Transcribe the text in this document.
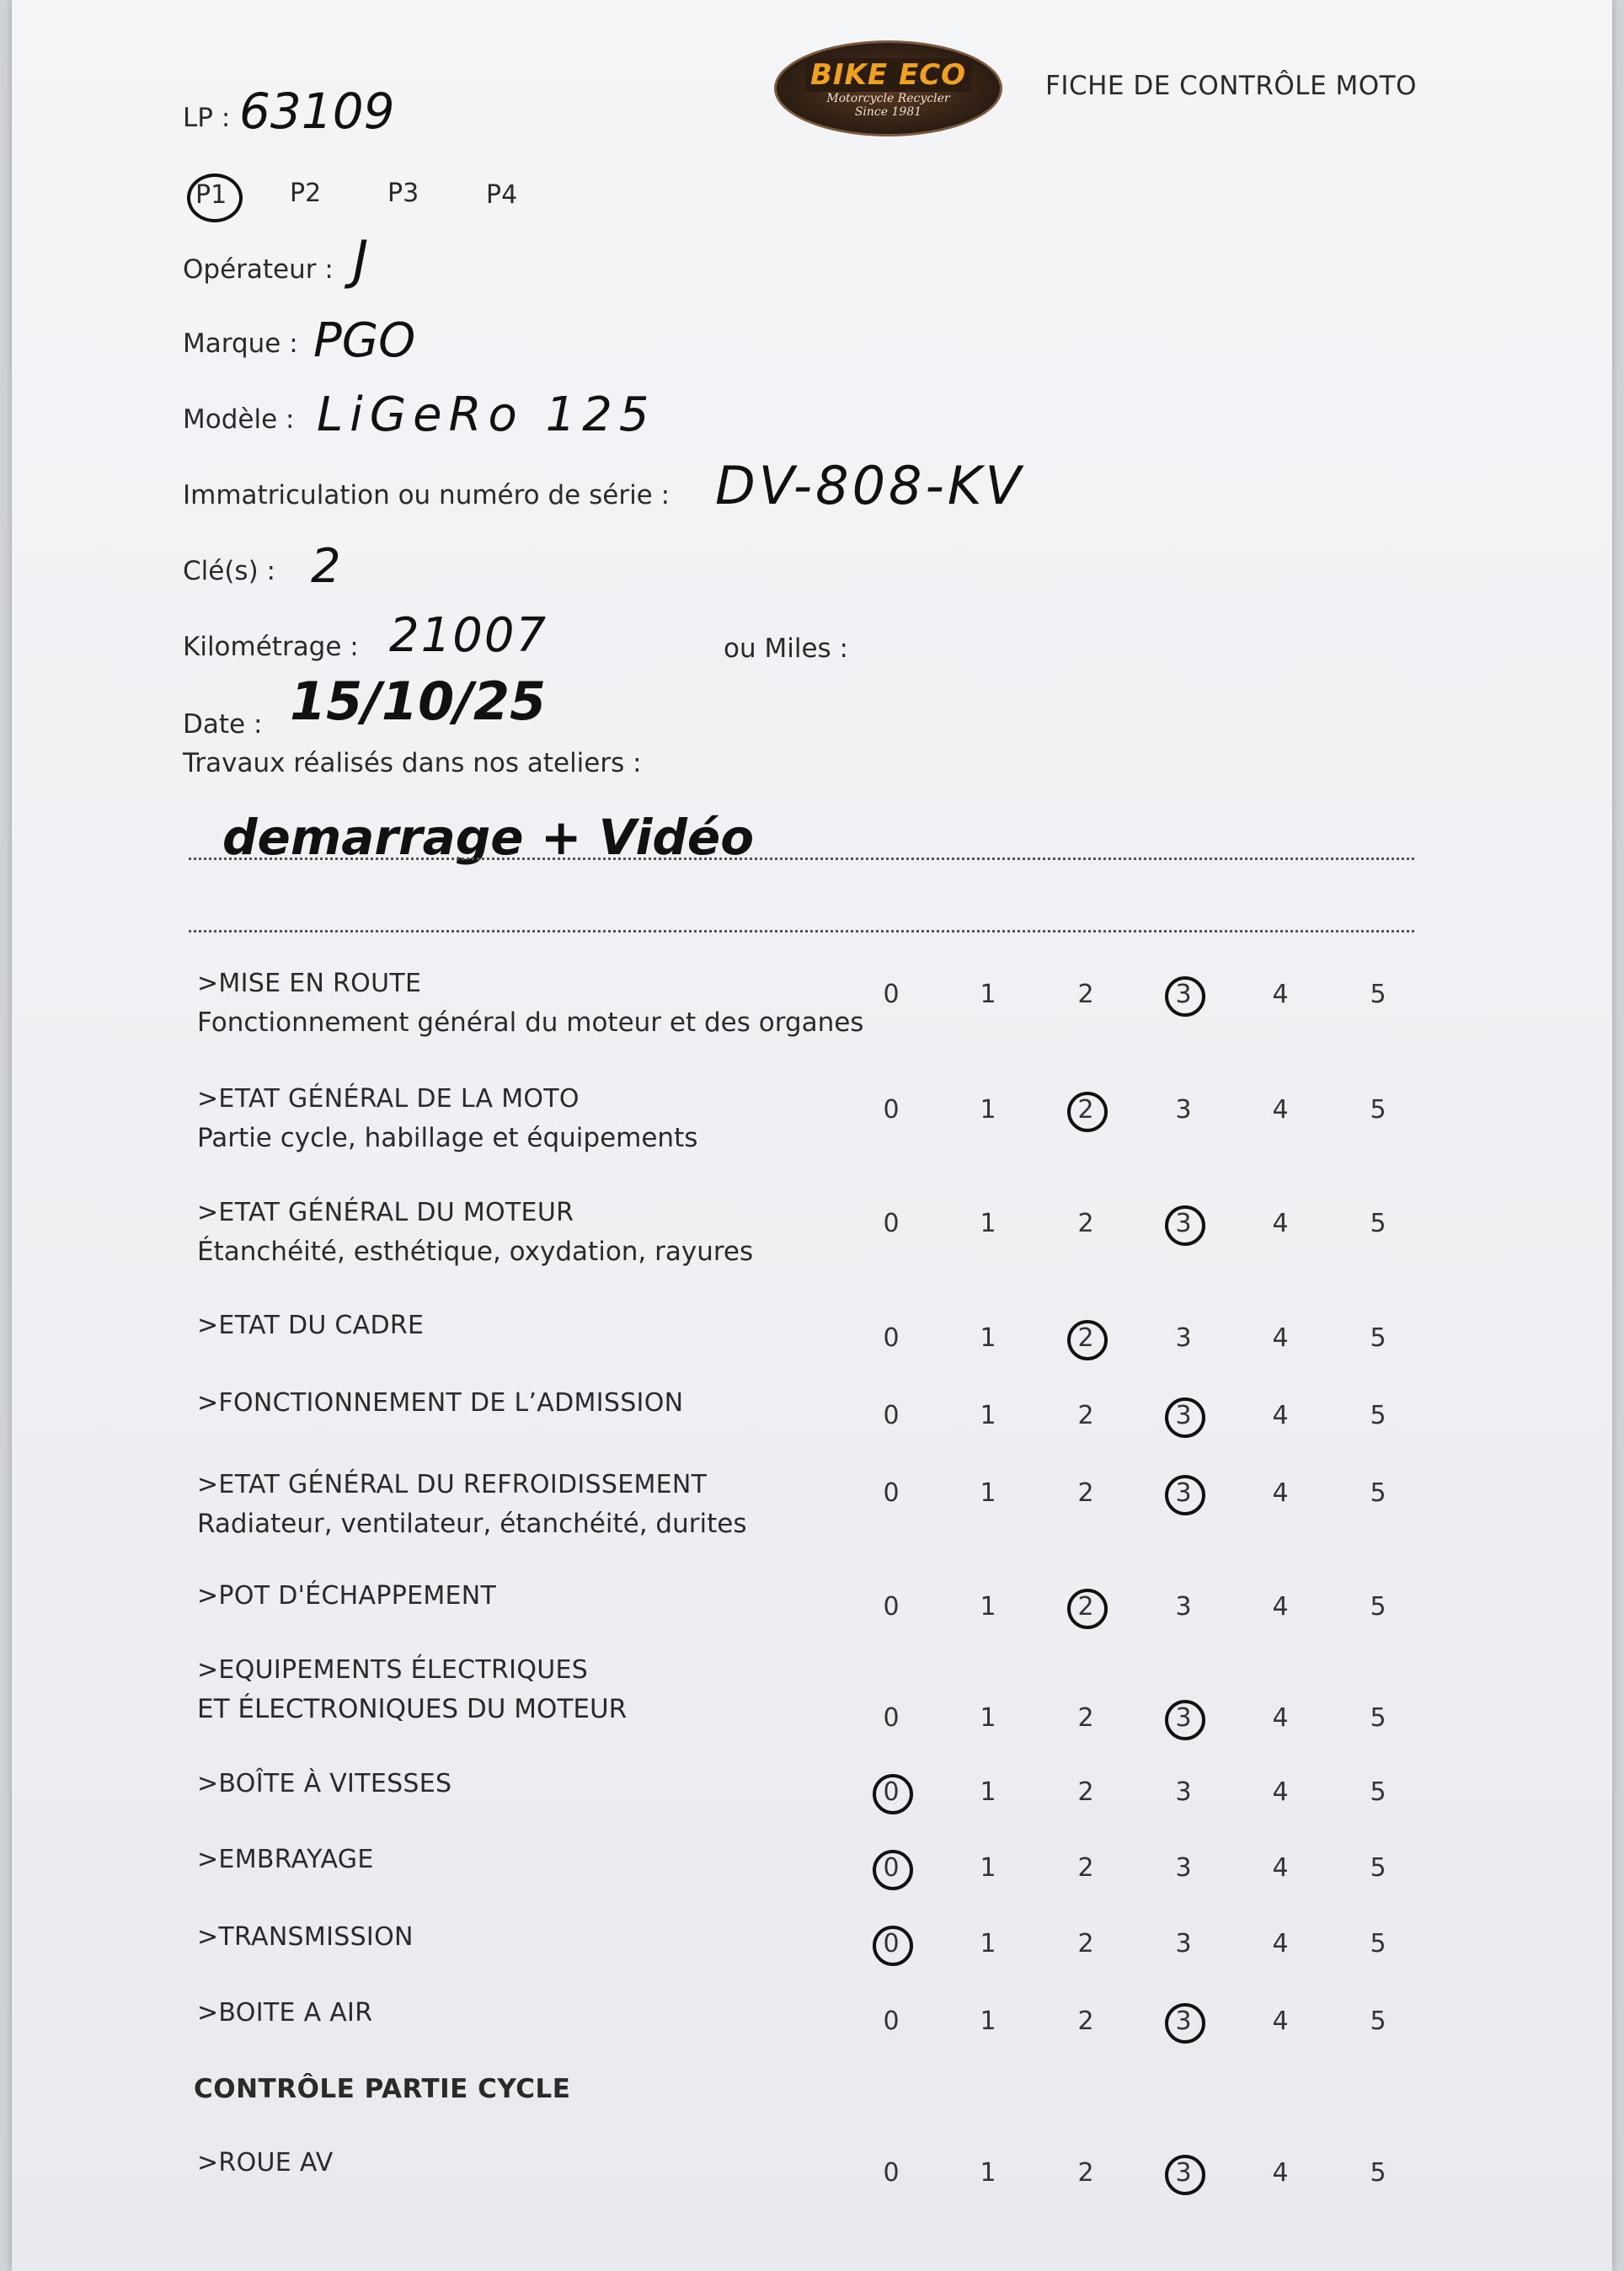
BIKE ECO
Motorcycle Recycler
Since 1981
FICHE DE CONTRÔLE MOTO
LP : 63109
P1 P2	P3	P4
Opérateur : J
Marque : PGO
Modèle : LiGeRo 125
Immatriculation ou numéro de série : DV-808-KV
Clé(s) : 2
Kilométrage : 21007	ou Miles :
Date : 15/10/25
Travaux réalisés dans nos ateliers :
demarrage + Vidéo
>MISE EN ROUTE
Fonctionnement général du moteur et des organes
0	1	2	3	4	5
>ETAT GÉNÉRAL DE LA MOTO
Partie cycle, habillage et équipements
0	1	2	3	4	5
>ETAT GÉNÉRAL DU MOTEUR
Étanchéité, esthétique, oxydation, rayures
0	1	2	3	4	5
>ETAT DU CADRE	0	1	2	3	4	5
>FONCTIONNEMENT DE L’ADMISSION	0	1	2	3	4	5
>ETAT GÉNÉRAL DU REFROIDISSEMENT
Radiateur, ventilateur, étanchéité, durites
0	1	2	3	4	5
>POT D'ÉCHAPPEMENT	0	1	2	3	4	5
>EQUIPEMENTS ÉLECTRIQUES
ET ÉLECTRONIQUES DU MOTEUR	0	1	2	3	4	5
>BOÎTE À VITESSES	0	1	2	3	4	5
>EMBRAYAGE	0	1	2	3	4	5
>TRANSMISSION	0	1	2	3	4	5
>BOITE A AIR	0	1	2	3	4	5
CONTRÔLE PARTIE CYCLE
>ROUE AV	0	1	2	3	4	5
